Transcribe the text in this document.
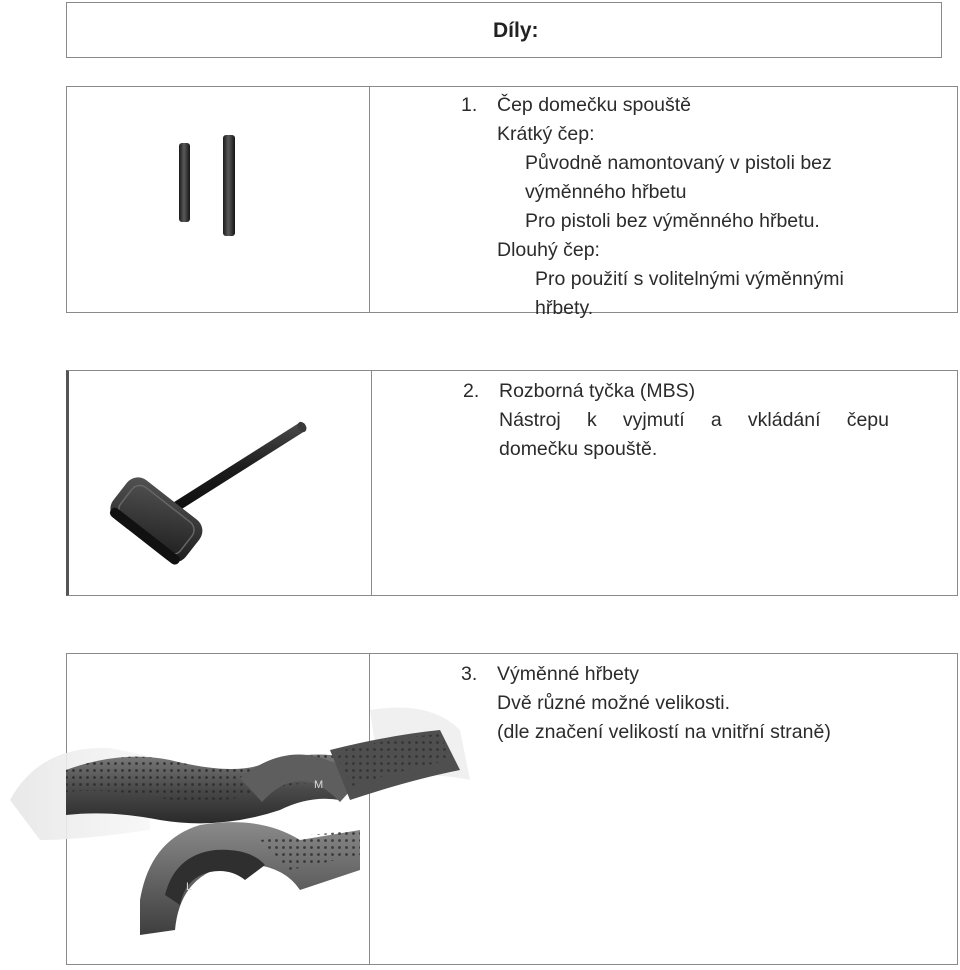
Díly:
1. Čep domečku spouště
Krátký čep:
Původně namontovaný v pistoli bez
výměnného hřbetu
Pro pistoli bez výměnného hřbetu.
Dlouhý čep:
Pro použití s volitelnými výměnnými
hřbety.
2. Rozborná tyčka (MBS)
Nástroj k vyjmutí a vkládání čepu
domečku spouště.
3. Výměnné hřbety
Dvě různé možné velikosti.
(dle značení velikostí na vnitřní straně)
M
L
